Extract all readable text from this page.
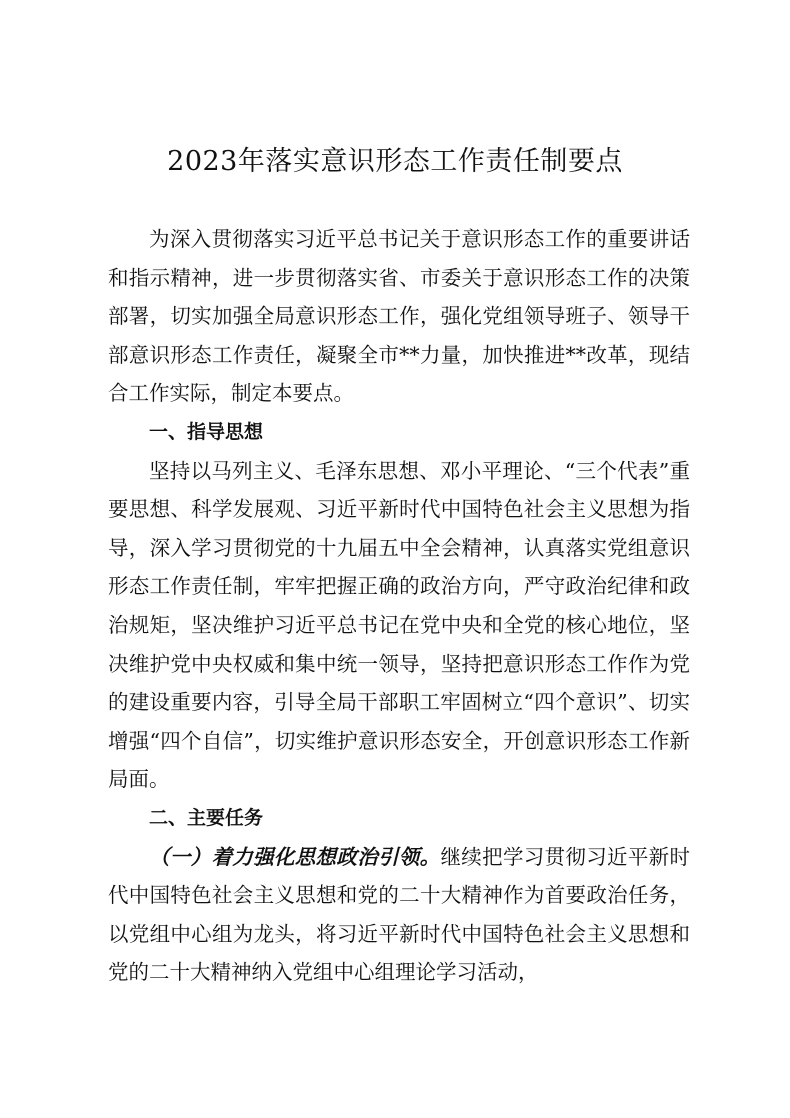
2023年落实意识形态工作责任制要点

为深入贯彻落实习近平总书记关于意识形态工作的重要讲话和指示精神，进一步贯彻落实省、市委关于意识形态工作的决策部署，切实加强全局意识形态工作，强化党组领导班子、领导干部意识形态工作责任，凝聚全市**力量，加快推进**改革，现结合工作实际，制定本要点。

一、指导思想

坚持以马列主义、毛泽东思想、邓小平理论、“三个代表”重要思想、科学发展观、习近平新时代中国特色社会主义思想为指导，深入学习贯彻党的十九届五中全会精神，认真落实党组意识形态工作责任制，牢牢把握正确的政治方向，严守政治纪律和政治规矩，坚决维护习近平总书记在党中央和全党的核心地位，坚决维护党中央权威和集中统一领导，坚持把意识形态工作作为党的建设重要内容，引导全局干部职工牢固树立“四个意识”、切实增强“四个自信”，切实维护意识形态安全，开创意识形态工作新局面。

二、主要任务

（一）着力强化思想政治引领。继续把学习贯彻习近平新时代中国特色社会主义思想和党的二十大精神作为首要政治任务，以党组中心组为龙头，将习近平新时代中国特色社会主义思想和党的二十大精神纳入党组中心组理论学习活动，
